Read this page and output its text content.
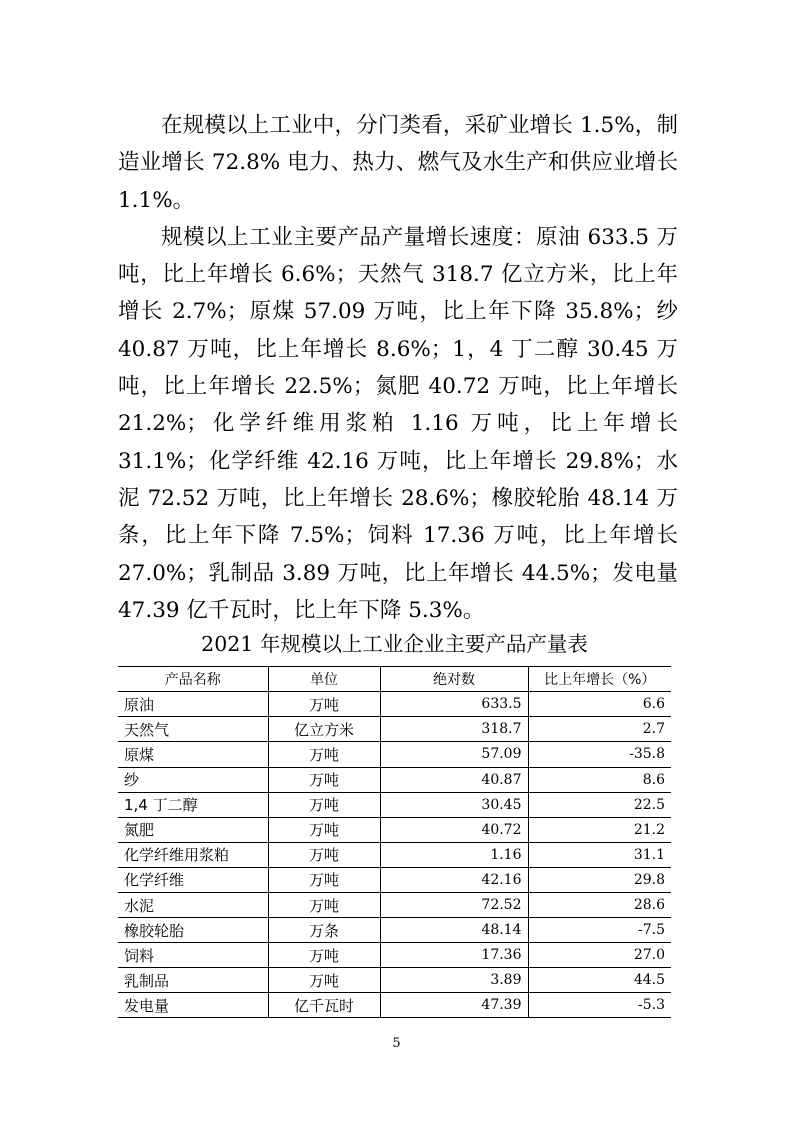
在规模以上工业中，分门类看，采矿业增长 1.5%，制造业增长 72.8% 电力、热力、燃气及水生产和供应业增长 1.1%。

规模以上工业主要产品产量增长速度：原油 633.5 万吨，比上年增长 6.6%；天然气 318.7 亿立方米，比上年增长 2.7%；原煤 57.09 万吨，比上年下降 35.8%；纱 40.87 万吨，比上年增长 8.6%；1，4 丁二醇 30.45 万吨，比上年增长 22.5%；氮肥 40.72 万吨，比上年增长 21.2%；化学纤维用浆粕 1.16 万吨，比上年增长 31.1%；化学纤维 42.16 万吨，比上年增长 29.8%；水泥 72.52 万吨，比上年增长 28.6%；橡胶轮胎 48.14 万条，比上年下降 7.5%；饲料 17.36 万吨，比上年增长 27.0%；乳制品 3.89 万吨，比上年增长 44.5%；发电量 47.39 亿千瓦时，比上年下降 5.3%。

2021 年规模以上工业企业主要产品产量表

产品名称	单位	绝对数	比上年增长（%）
原油	万吨	633.5	6.6
天然气	亿立方米	318.7	2.7
原煤	万吨	57.09	-35.8
纱	万吨	40.87	8.6
1,4 丁二醇	万吨	30.45	22.5
氮肥	万吨	40.72	21.2
化学纤维用浆粕	万吨	1.16	31.1
化学纤维	万吨	42.16	29.8
水泥	万吨	72.52	28.6
橡胶轮胎	万条	48.14	-7.5
饲料	万吨	17.36	27.0
乳制品	万吨	3.89	44.5
发电量	亿千瓦时	47.39	-5.3
5
